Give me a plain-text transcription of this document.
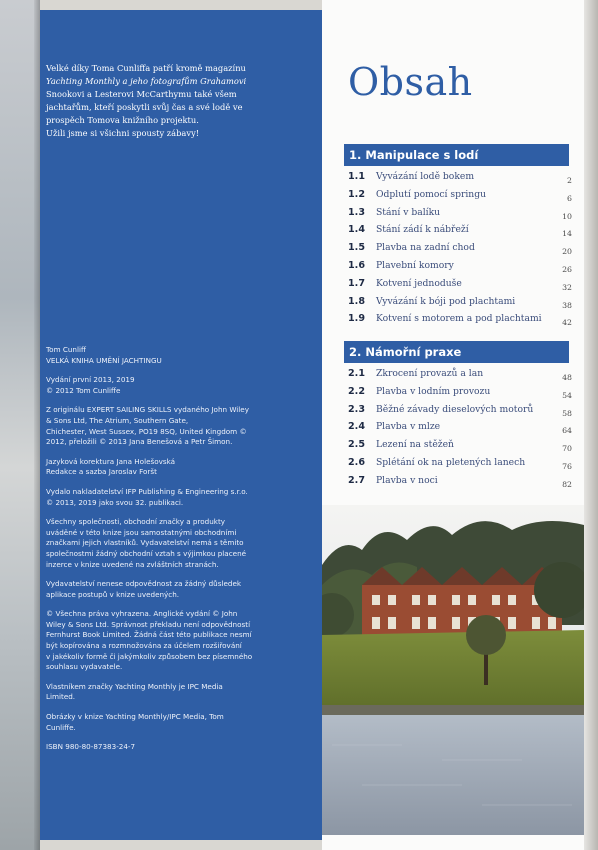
Velké díky Toma Cunliffa patří kromě magazínu
Yachting Monthly a jeho fotografům Grahamovi
Snookovi a Lesterovi McCarthymu také všem
jachtařům, kteří poskytli svůj čas a své lodě ve
prospěch Tomova knižního projektu.
Užili jsme si všichni spousty zábavy!

Tom Cunliff
VELKÁ KNIHA UMĚNÍ JACHTINGU

Vydání první 2013, 2019
© 2012 Tom Cunliffe

Z originálu EXPERT SAILING SKILLS vydaného John Wiley
& Sons Ltd, The Atrium, Southern Gate,
Chichester, West Sussex, PO19 8SQ, United Kingdom ©
2012, přeložili © 2013 Jana Benešová a Petr Šimon.

Jazyková korektura Jana Holešovská
Redakce a sazba Jaroslav Foršt

Vydalo nakladatelství IFP Publishing & Engineering s.r.o.
© 2013, 2019 jako svou 32. publikaci.

Všechny společnosti, obchodní značky a produkty
uváděné v této knize jsou samostatnými obchodními
značkami jejich vlastníků. Vydavatelství nemá s těmito
společnostmi žádný obchodní vztah s výjimkou placené
inzerce v knize uvedené na zvláštních stranách.

Vydavatelství nenese odpovědnost za žádný důsledek
aplikace postupů v knize uvedených.

© Všechna práva vyhrazena. Anglické vydání © John
Wiley & Sons Ltd. Správnost překladu není odpovědností
Fernhurst Book Limited. Žádná část této publikace nesmí
být kopírována a rozmnožována za účelem rozšiřování
v jakékoliv formě či jakýmkoliv způsobem bez písemného
souhlasu vydavatele.

Vlastníkem značky Yachting Monthly je IPC Media
Limited.

Obrázky v knize Yachting Monthly/IPC Media, Tom
Cunliffe.

ISBN 980-80-87383-24-7

Obsah
1. Manipulace s lodí
1.1	Vyvázání lodě bokem	2
1.2	Odplutí pomocí springu	6
1.3	Stání v balíku	10
1.4	Stání zádí k nábřeží	14
1.5	Plavba na zadní chod	20
1.6	Plavební komory	26
1.7	Kotvení jednoduše	32
1.8	Vyvázání k bóji pod plachtami	38
1.9	Kotvení s motorem a pod plachtami	42
2. Námořní praxe
2.1	Zkrocení provazů a lan	48
2.2	Plavba v lodním provozu	54
2.3	Běžné závady dieselových motorů	58
2.4	Plavba v mlze	64
2.5	Lezení na stěžeň	70
2.6	Splétání ok na pletených lanech	76
2.7	Plavba v noci	82
